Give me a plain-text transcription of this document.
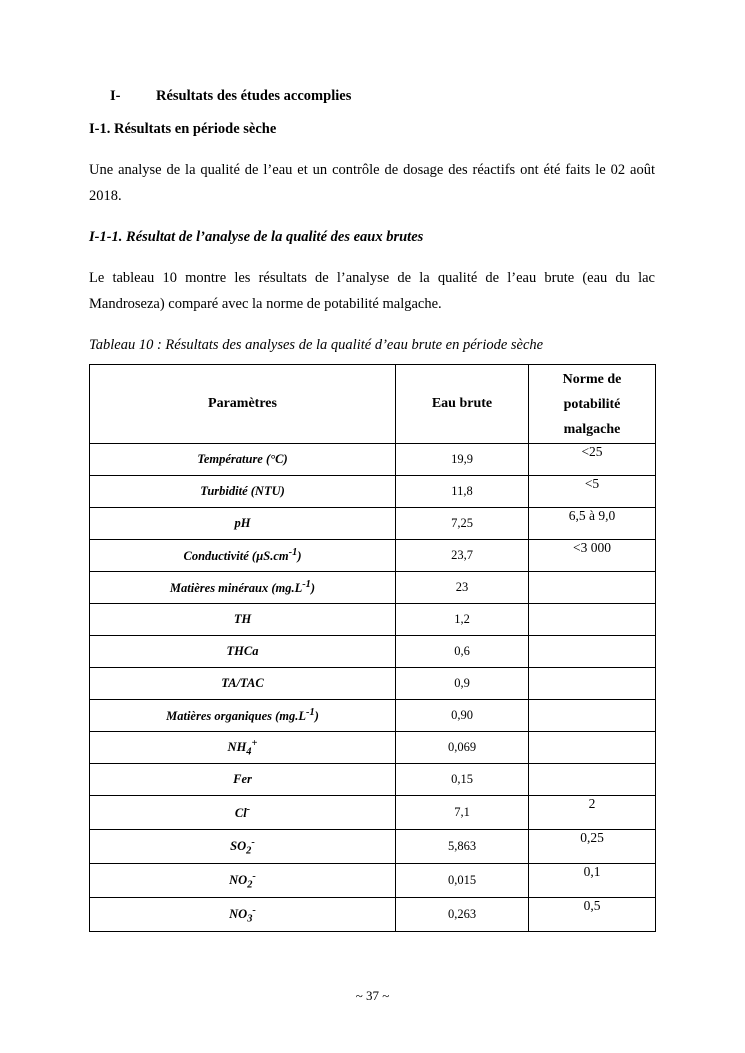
I- Résultats des études accomplies
I-1. Résultats en période sèche
Une analyse de la qualité de l’eau et un contrôle de dosage des réactifs ont été faits le 02 août 2018.
I-1-1. Résultat de l’analyse de la qualité des eaux brutes
Le tableau 10 montre les résultats de l’analyse de la qualité de l’eau brute (eau du lac Mandroseza) comparé avec la norme de potabilité malgache.
Tableau 10 : Résultats des analyses de la qualité d’eau brute en période sèche
Paramètres	Eau brute	Norme de
potabilité
malgache
Température (°C)	19,9	<25
Turbidité (NTU)	11,8	<5
pH	7,25	6,5 à 9,0
Conductivité $(\mu S.cm^{-1})$	23,7	<3 000
Matières minéraux $(mg.L^{-1})$	23	
TH	1,2	
THCa	0,6	
TA/TAC	0,9	
Matières organiques $(mg.L^{-1})$	0,90	
$NH_4^+$	0,069	
Fer	0,15	
Cl-	7,1	2
$SO_2^-$	5,863	0,25
$NO_2^-$	0,015	0,1
$NO_3^-$	0,263	0,5
~ 37 ~
